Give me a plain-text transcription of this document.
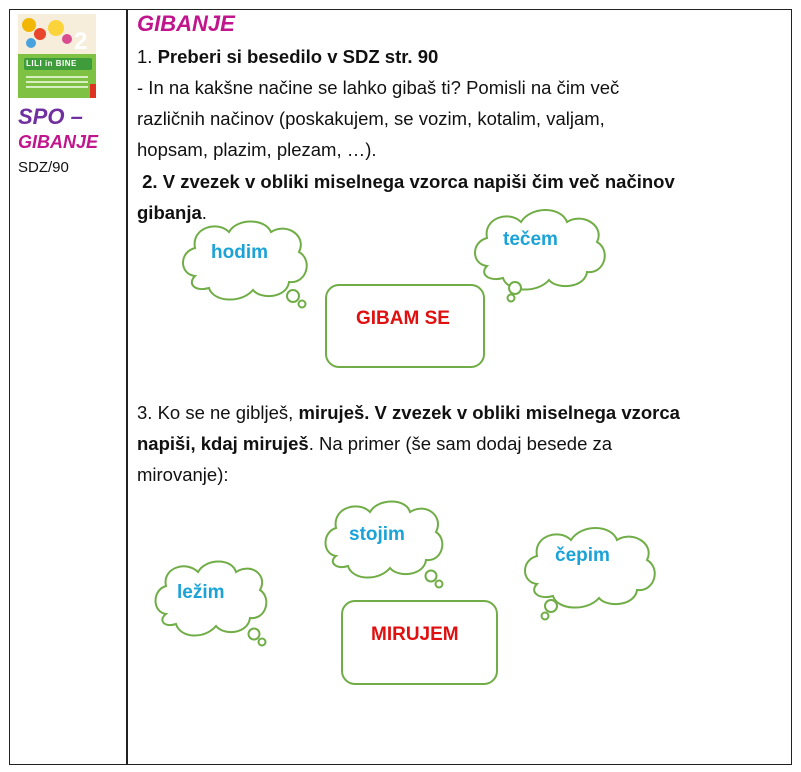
2
LILI in BINE
SPO –
GIBANJE
SDZ/90
GIBANJE
1. Preberi si besedilo v SDZ str. 90
- In na kakšne načine se lahko gibaš ti? Pomisli na čim več
različnih načinov (poskakujem, se vozim, kotalim, valjam,
hopsam, plazim, plezam, …).
2. V zvezek v obliki miselnega vzorca napiši čim več načinov
gibanja.
hodim
tečem
GIBAM SE
3. Ko se ne giblješ, miruješ. V zvezek v obliki miselnega vzorca
napiši, kdaj miruješ. Na primer (še sam dodaj besede za
mirovanje):
stojim
čepim
ležim
MIRUJEM
